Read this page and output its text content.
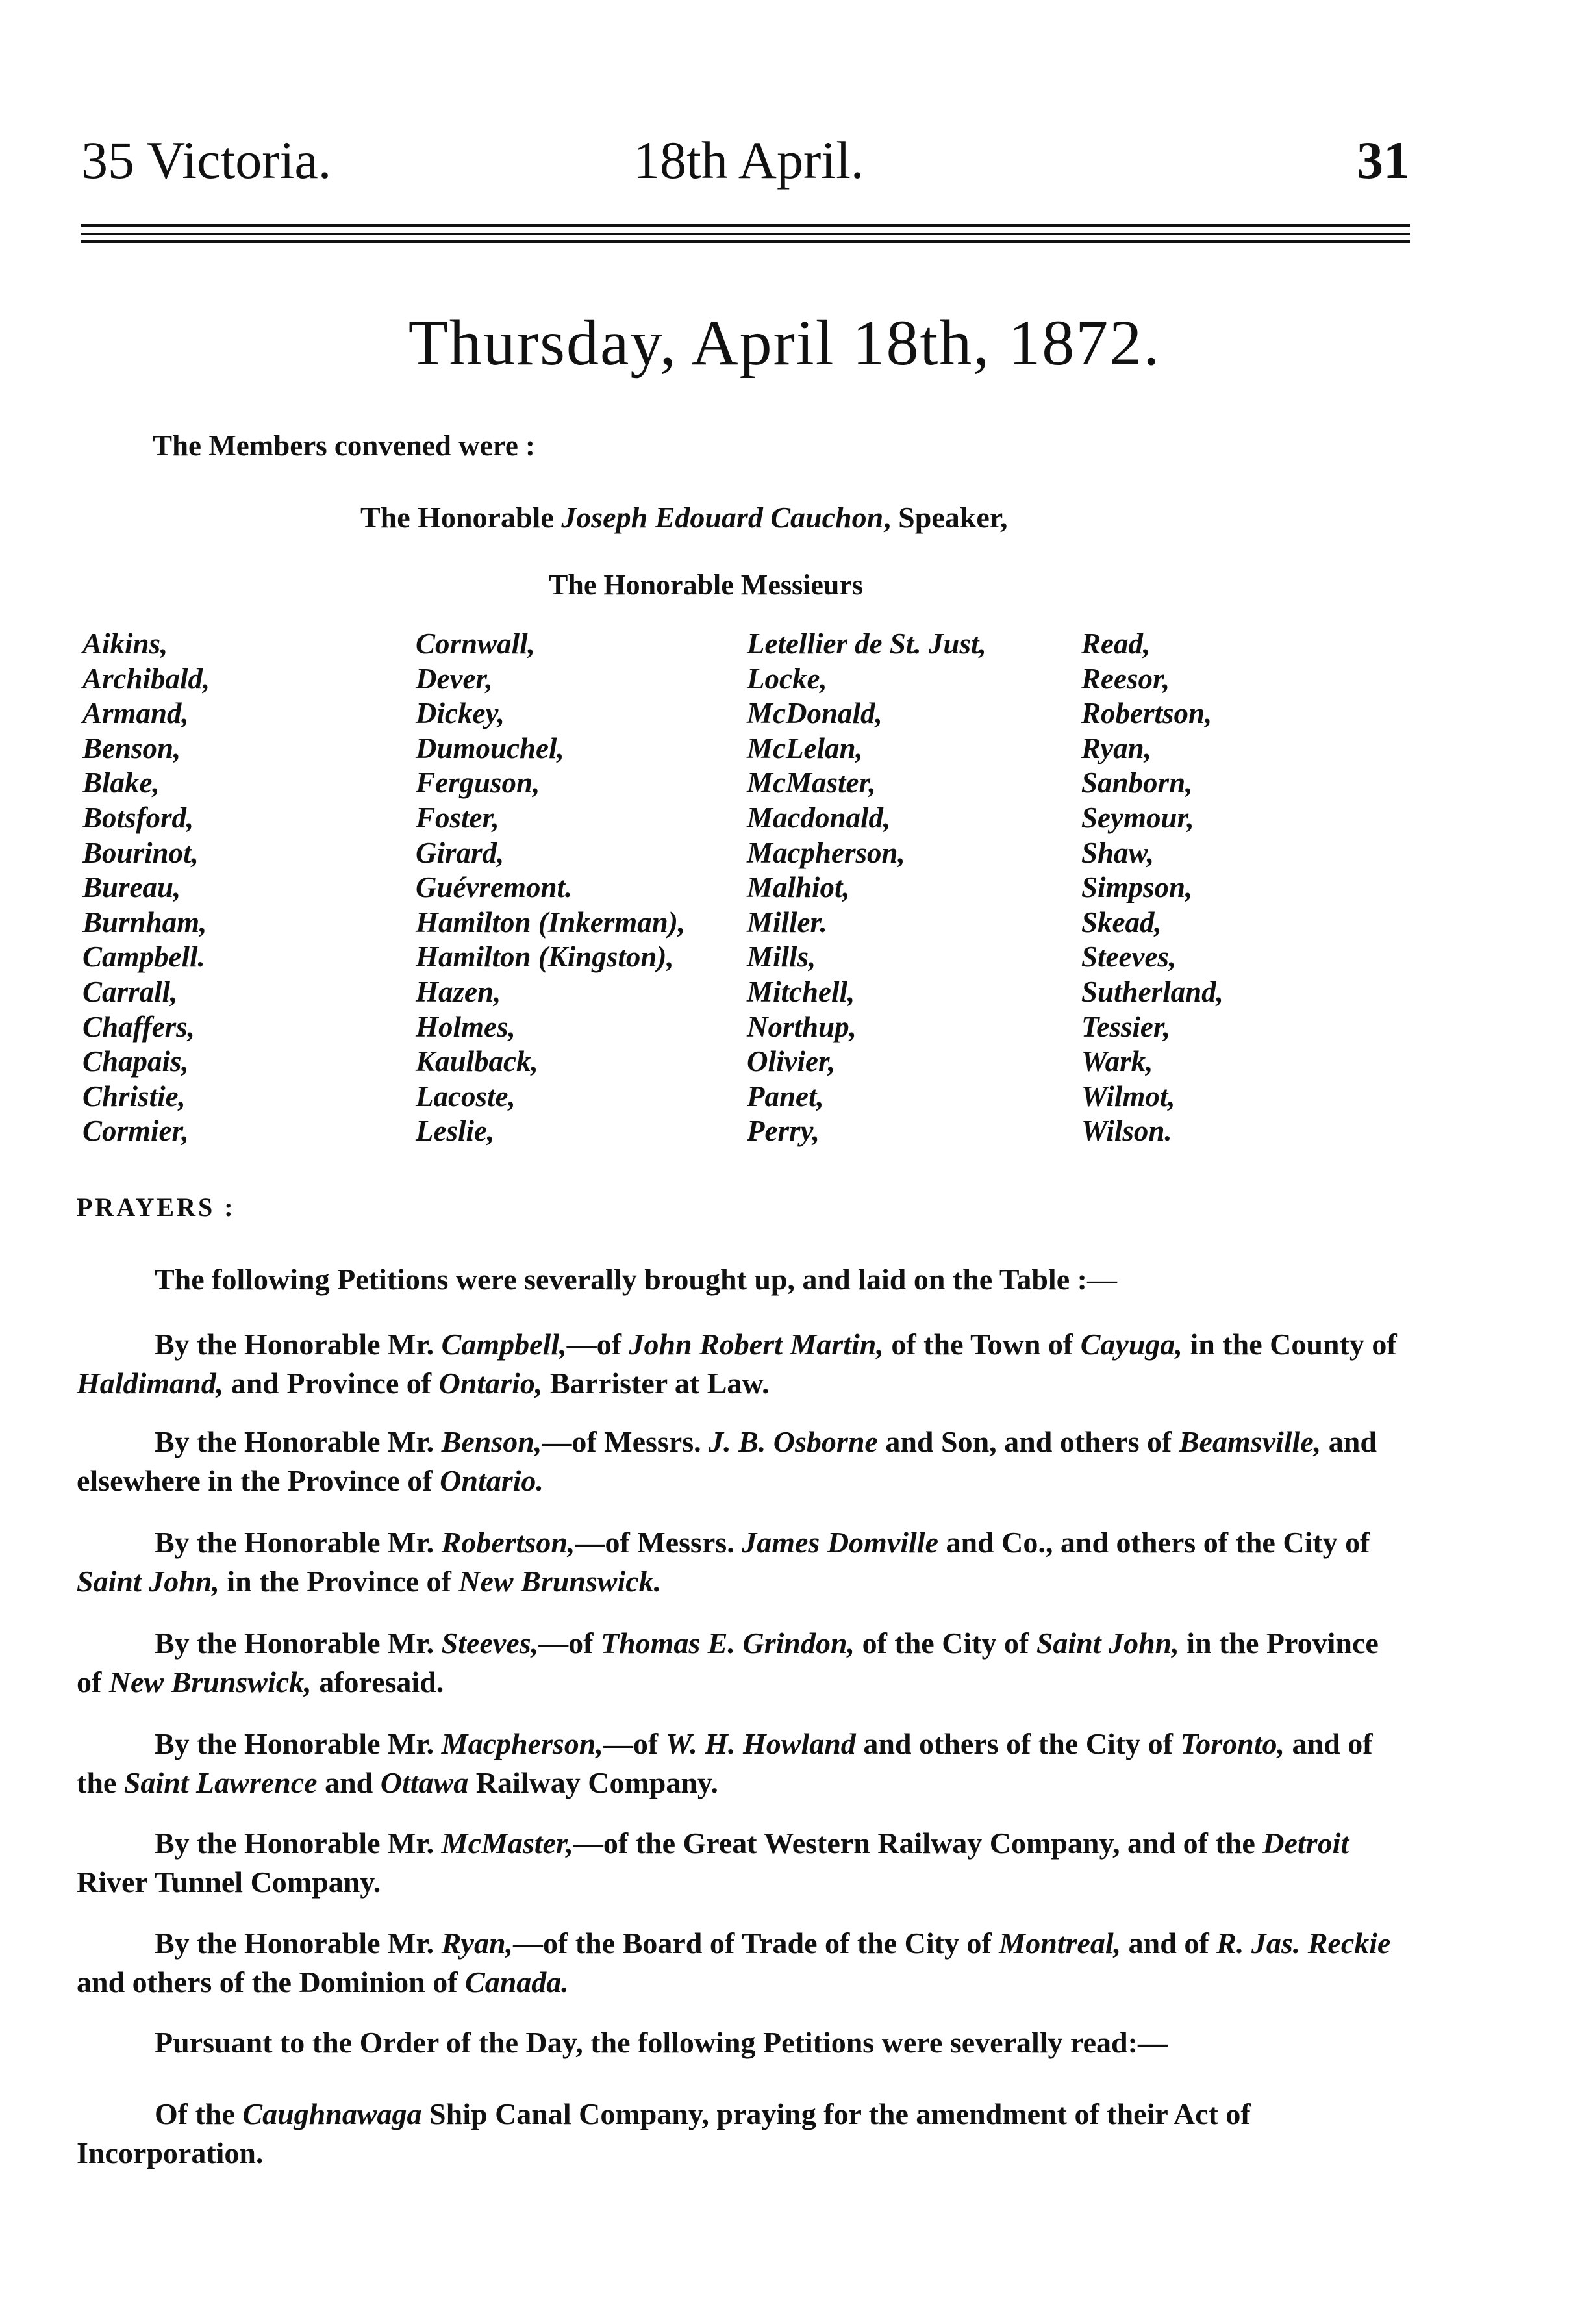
35 Victoria.	18th April.	31
Thursday, April 18th, 1872.
The Members convened were :
The Honorable Joseph Edouard Cauchon, Speaker,
The Honorable Messieurs
Aikins,
Archibald,
Armand,
Benson,
Blake,
Botsford,
Bourinot,
Bureau,
Burnham,
Campbell.
Carrall,
Chaffers,
Chapais,
Christie,
Cormier,
Cornwall,
Dever,
Dickey,
Dumouchel,
Ferguson,
Foster,
Girard,
Guévremont.
Hamilton (Inkerman),
Hamilton (Kingston),
Hazen,
Holmes,
Kaulback,
Lacoste,
Leslie,
Letellier de St. Just,
Locke,
McDonald,
McLelan,
McMaster,
Macdonald,
Macpherson,
Malhiot,
Miller.
Mills,
Mitchell,
Northup,
Olivier,
Panet,
Perry,
Read,
Reesor,
Robertson,
Ryan,
Sanborn,
Seymour,
Shaw,
Simpson,
Skead,
Steeves,
Sutherland,
Tessier,
Wark,
Wilmot,
Wilson.
PRAYERS :
The following Petitions were severally brought up, and laid on the Table :—
By the Honorable Mr. Campbell,—of John Robert Martin, of the Town of Cayuga, in the County of Haldimand, and Province of Ontario, Barrister at Law.
By the Honorable Mr. Benson,—of Messrs. J. B. Osborne and Son, and others of Beamsville, and elsewhere in the Province of Ontario.
By the Honorable Mr. Robertson,—of Messrs. James Domville and Co., and others of the City of Saint John, in the Province of New Brunswick.
By the Honorable Mr. Steeves,—of Thomas E. Grindon, of the City of Saint John, in the Province of New Brunswick, aforesaid.
By the Honorable Mr. Macpherson,—of W. H. Howland and others of the City of Toronto, and of the Saint Lawrence and Ottawa Railway Company.
By the Honorable Mr. McMaster,—of the Great Western Railway Company, and of the Detroit River Tunnel Company.
By the Honorable Mr. Ryan,—of the Board of Trade of the City of Montreal, and of R. Jas. Reckie and others of the Dominion of Canada.
Pursuant to the Order of the Day, the following Petitions were severally read:—
Of the Caughnawaga Ship Canal Company, praying for the amendment of their Act of Incorporation.
